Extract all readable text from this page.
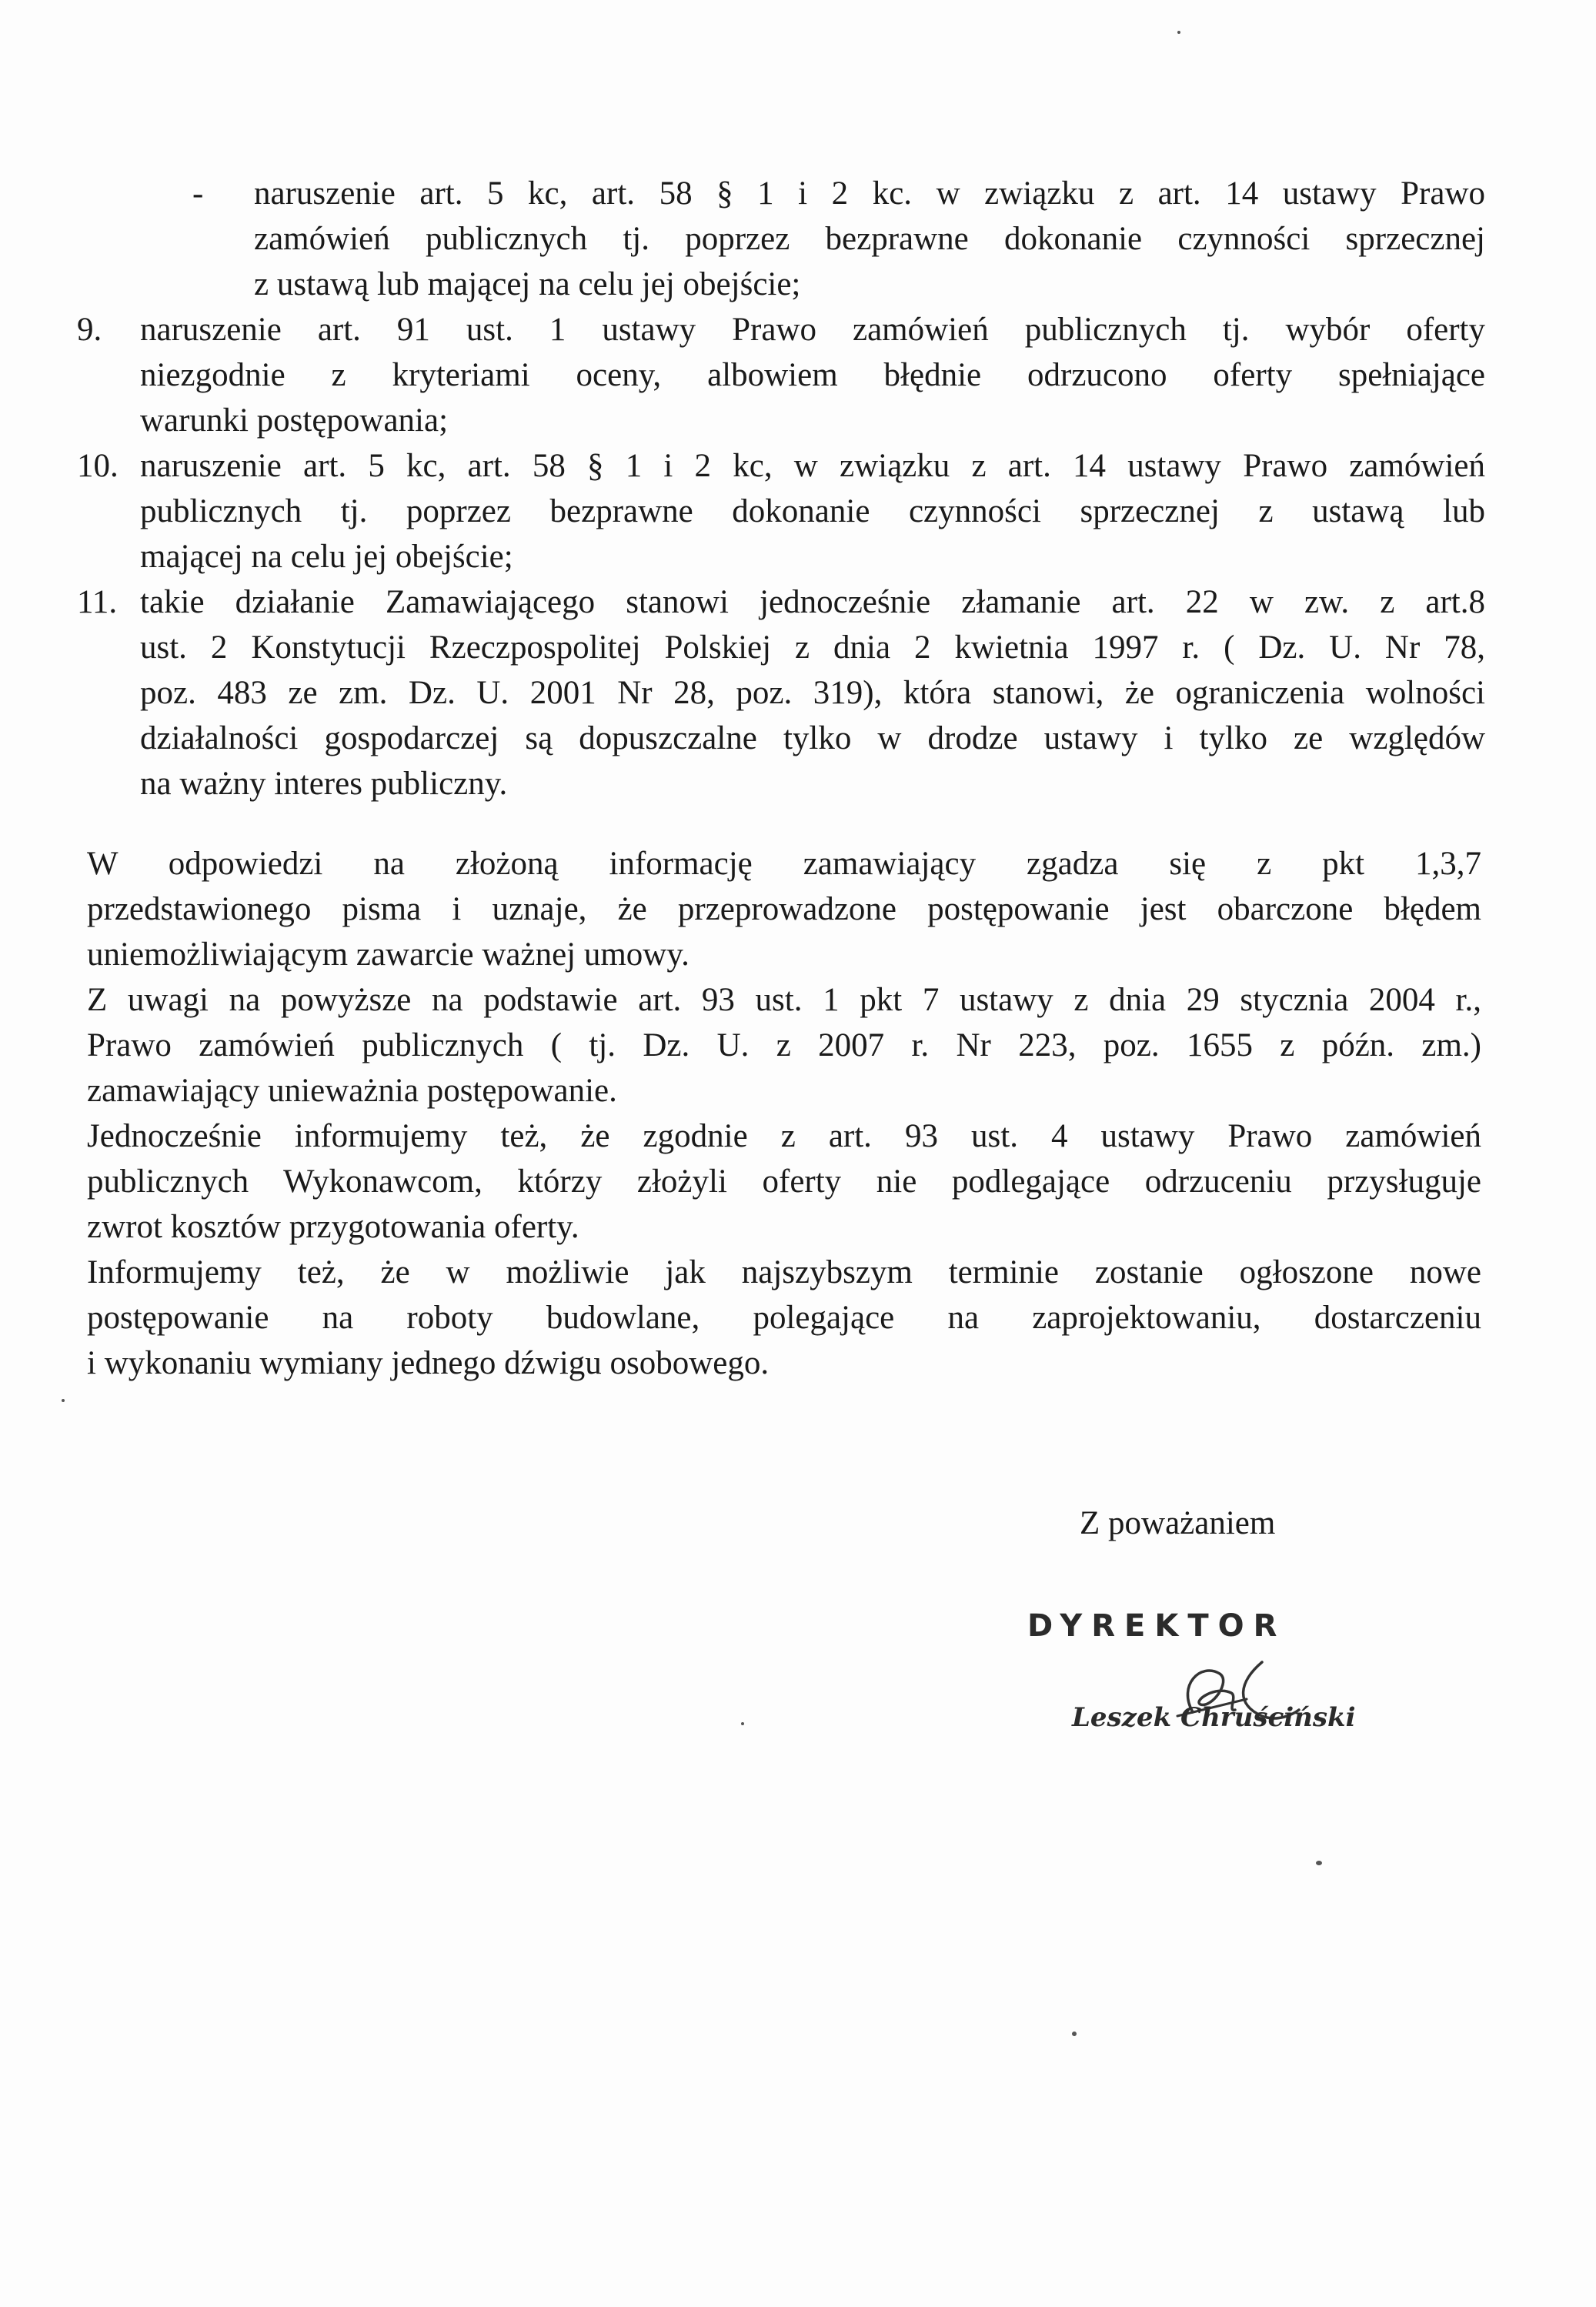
-	naruszenie art. 5 kc, art. 58 § 1 i 2 kc. w związku z art. 14 ustawy Prawo
zamówień publicznych tj. poprzez bezprawne dokonanie czynności sprzecznej
z ustawą lub mającej na celu jej obejście;
9.	naruszenie art. 91 ust. 1 ustawy Prawo zamówień publicznych tj. wybór oferty
niezgodnie z kryteriami oceny, albowiem błędnie odrzucono oferty spełniające
warunki postępowania;
10. naruszenie art. 5 kc, art. 58 § 1 i 2 kc, w związku z art. 14 ustawy Prawo zamówień
publicznych tj. poprzez bezprawne dokonanie czynności sprzecznej z ustawą lub
mającej na celu jej obejście;
11. takie działanie Zamawiającego stanowi jednocześnie złamanie art. 22 w zw. z art.8
ust. 2 Konstytucji Rzeczpospolitej Polskiej z dnia 2 kwietnia 1997 r. ( Dz. U. Nr 78,
poz. 483 ze zm. Dz. U. 2001 Nr 28, poz. 319), która stanowi, że ograniczenia wolności
działalności gospodarczej są dopuszczalne tylko w drodze ustawy i tylko ze względów
na ważny interes publiczny.
W odpowiedzi na złożoną informację zamawiający zgadza się z pkt 1,3,7
przedstawionego pisma i uznaje, że przeprowadzone postępowanie jest obarczone błędem
uniemożliwiającym zawarcie ważnej umowy.
Z uwagi na powyższe na podstawie art. 93 ust. 1 pkt 7 ustawy z dnia 29 stycznia 2004 r.,
Prawo zamówień publicznych ( tj. Dz. U. z 2007 r. Nr 223, poz. 1655 z późn. zm.)
zamawiający unieważnia postępowanie.
Jednocześnie informujemy też, że zgodnie z art. 93 ust. 4 ustawy Prawo zamówień
publicznych Wykonawcom, którzy złożyli oferty nie podlegające odrzuceniu przysługuje
zwrot kosztów przygotowania oferty.
Informujemy też, że w możliwie jak najszybszym terminie zostanie ogłoszone nowe
postępowanie na roboty budowlane, polegające na zaprojektowaniu, dostarczeniu
i wykonaniu wymiany jednego dźwigu osobowego.
Z poważaniem
DYREKTOR
Leszek Chruściński
